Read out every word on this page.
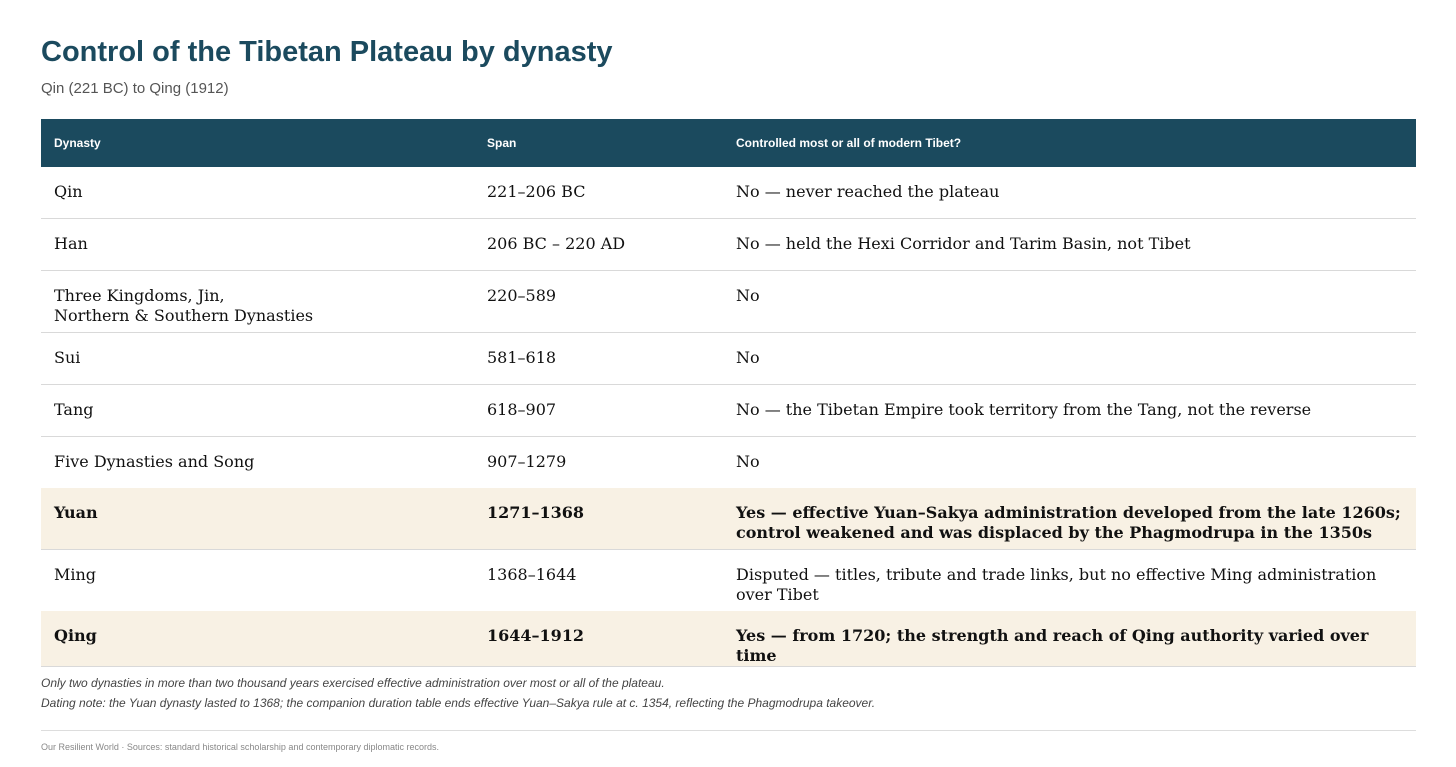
Control of the Tibetan Plateau by dynasty

Qin (221 BC) to Qing (1912)

Dynasty	Span	Controlled most or all of modern Tibet?
Qin	221–206 BC	No — never reached the plateau
Han	206 BC – 220 AD	No — held the Hexi Corridor and Tarim Basin, not Tibet
Three Kingdoms, Jin,
Northern & Southern Dynasties	220–589	No
Sui	581–618	No
Tang	618–907	No — the Tibetan Empire took territory from the Tang, not the reverse
Five Dynasties and Song	907–1279	No
Yuan	1271–1368	Yes — effective Yuan–Sakya administration developed from the late 1260s; control weakened and was displaced by the Phagmodrupa in the 1350s
Ming	1368–1644	Disputed — titles, tribute and trade links, but no effective Ming administration over Tibet
Qing	1644–1912	Yes — from 1720; the strength and reach of Qing authority varied over time

Only two dynasties in more than two thousand years exercised effective administration over most or all of the plateau.

Dating note: the Yuan dynasty lasted to 1368; the companion duration table ends effective Yuan–Sakya rule at c. 1354, reflecting the Phagmodrupa takeover.

Our Resilient World · Sources: standard historical scholarship and contemporary diplomatic records.
